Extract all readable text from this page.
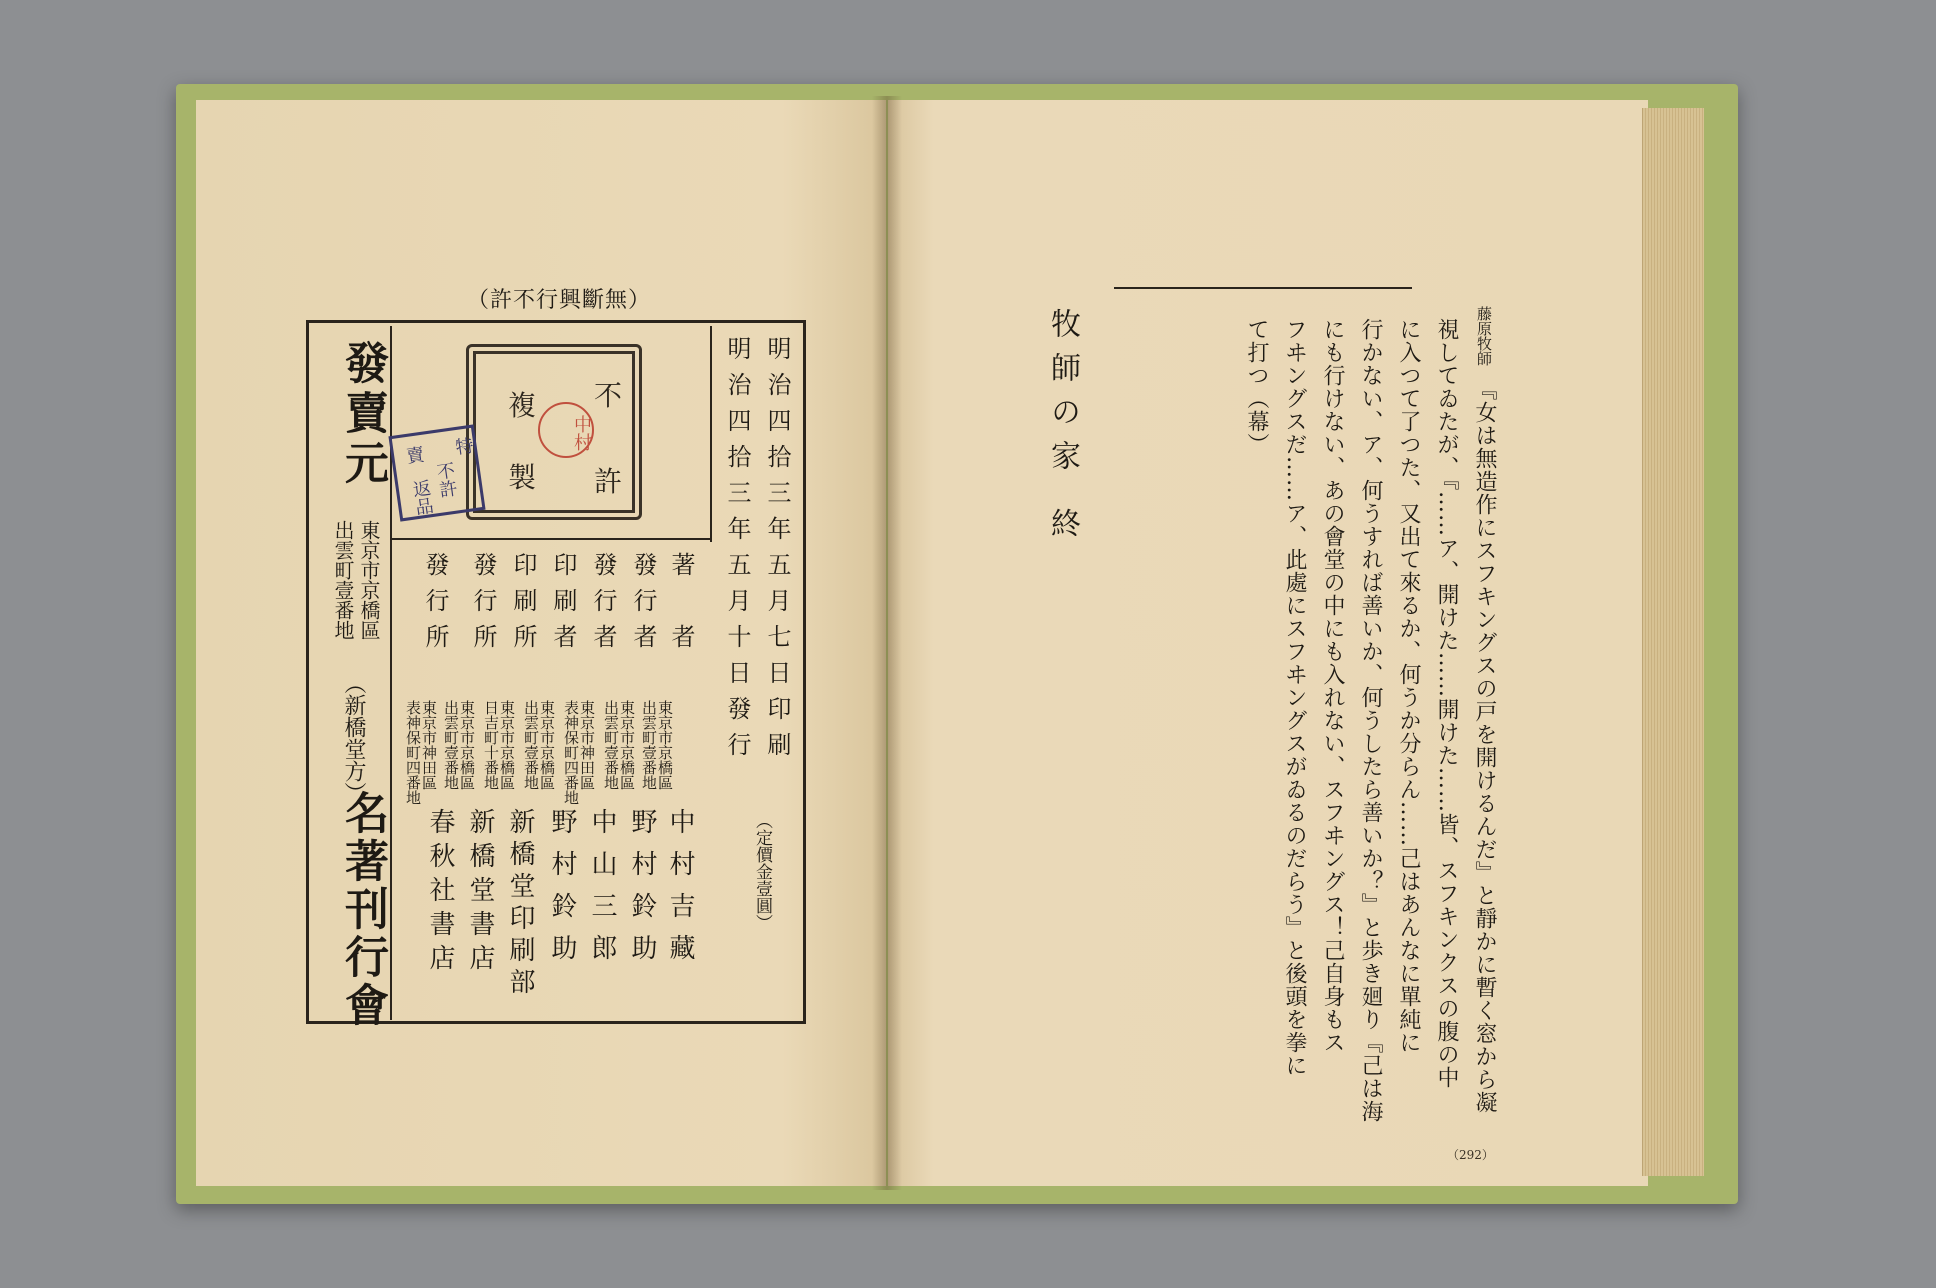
（許不行興斷無）
不
許
複
製
中村
特
賣
不許
返品	明治四拾三年五月七日印刷
明治四拾三年五月十日發行
（定價金壹圓）
著　者
東京市京橋區
出雲町壹番地
中村吉藏
發行者
東京市京橋區
出雲町壹番地
野村鈴助
發行者
東京市神田區
表神保町四番地
中山三郎
印刷者
東京市京橋區
出雲町壹番地
野村鈴助
印刷所
東京市京橋區
日吉町十番地
新橋堂印刷部
發行所
東京市京橋區
出雲町壹番地
新橋堂書店
發行所
東京市神田區
表神保町四番地
春秋社書店
發賣元
東京市京橋區
出雲町壹番地
（新橋堂方）
名著刊行會
牧師の家 終	藤原牧師
『女は無造作にスフキングスの戸を開けるんだ』と靜かに暫く窓から凝
視してゐたが、『……ア、開けた……開けた……皆、スフキンクスの腹の中
に入つて了つた、又出て來るか、何うか分らん……己はあんなに單純に
行かない、ア、何うすれば善いか、何うしたら善いか？』と歩き廻り『己は海
にも行けない、あの會堂の中にも入れない、スフヰングス！己自身もス
フヰングスだ……ア、此處にスフヰングスがゐるのだらう』と後頭を拳に
て打つ（幕）
（292）
